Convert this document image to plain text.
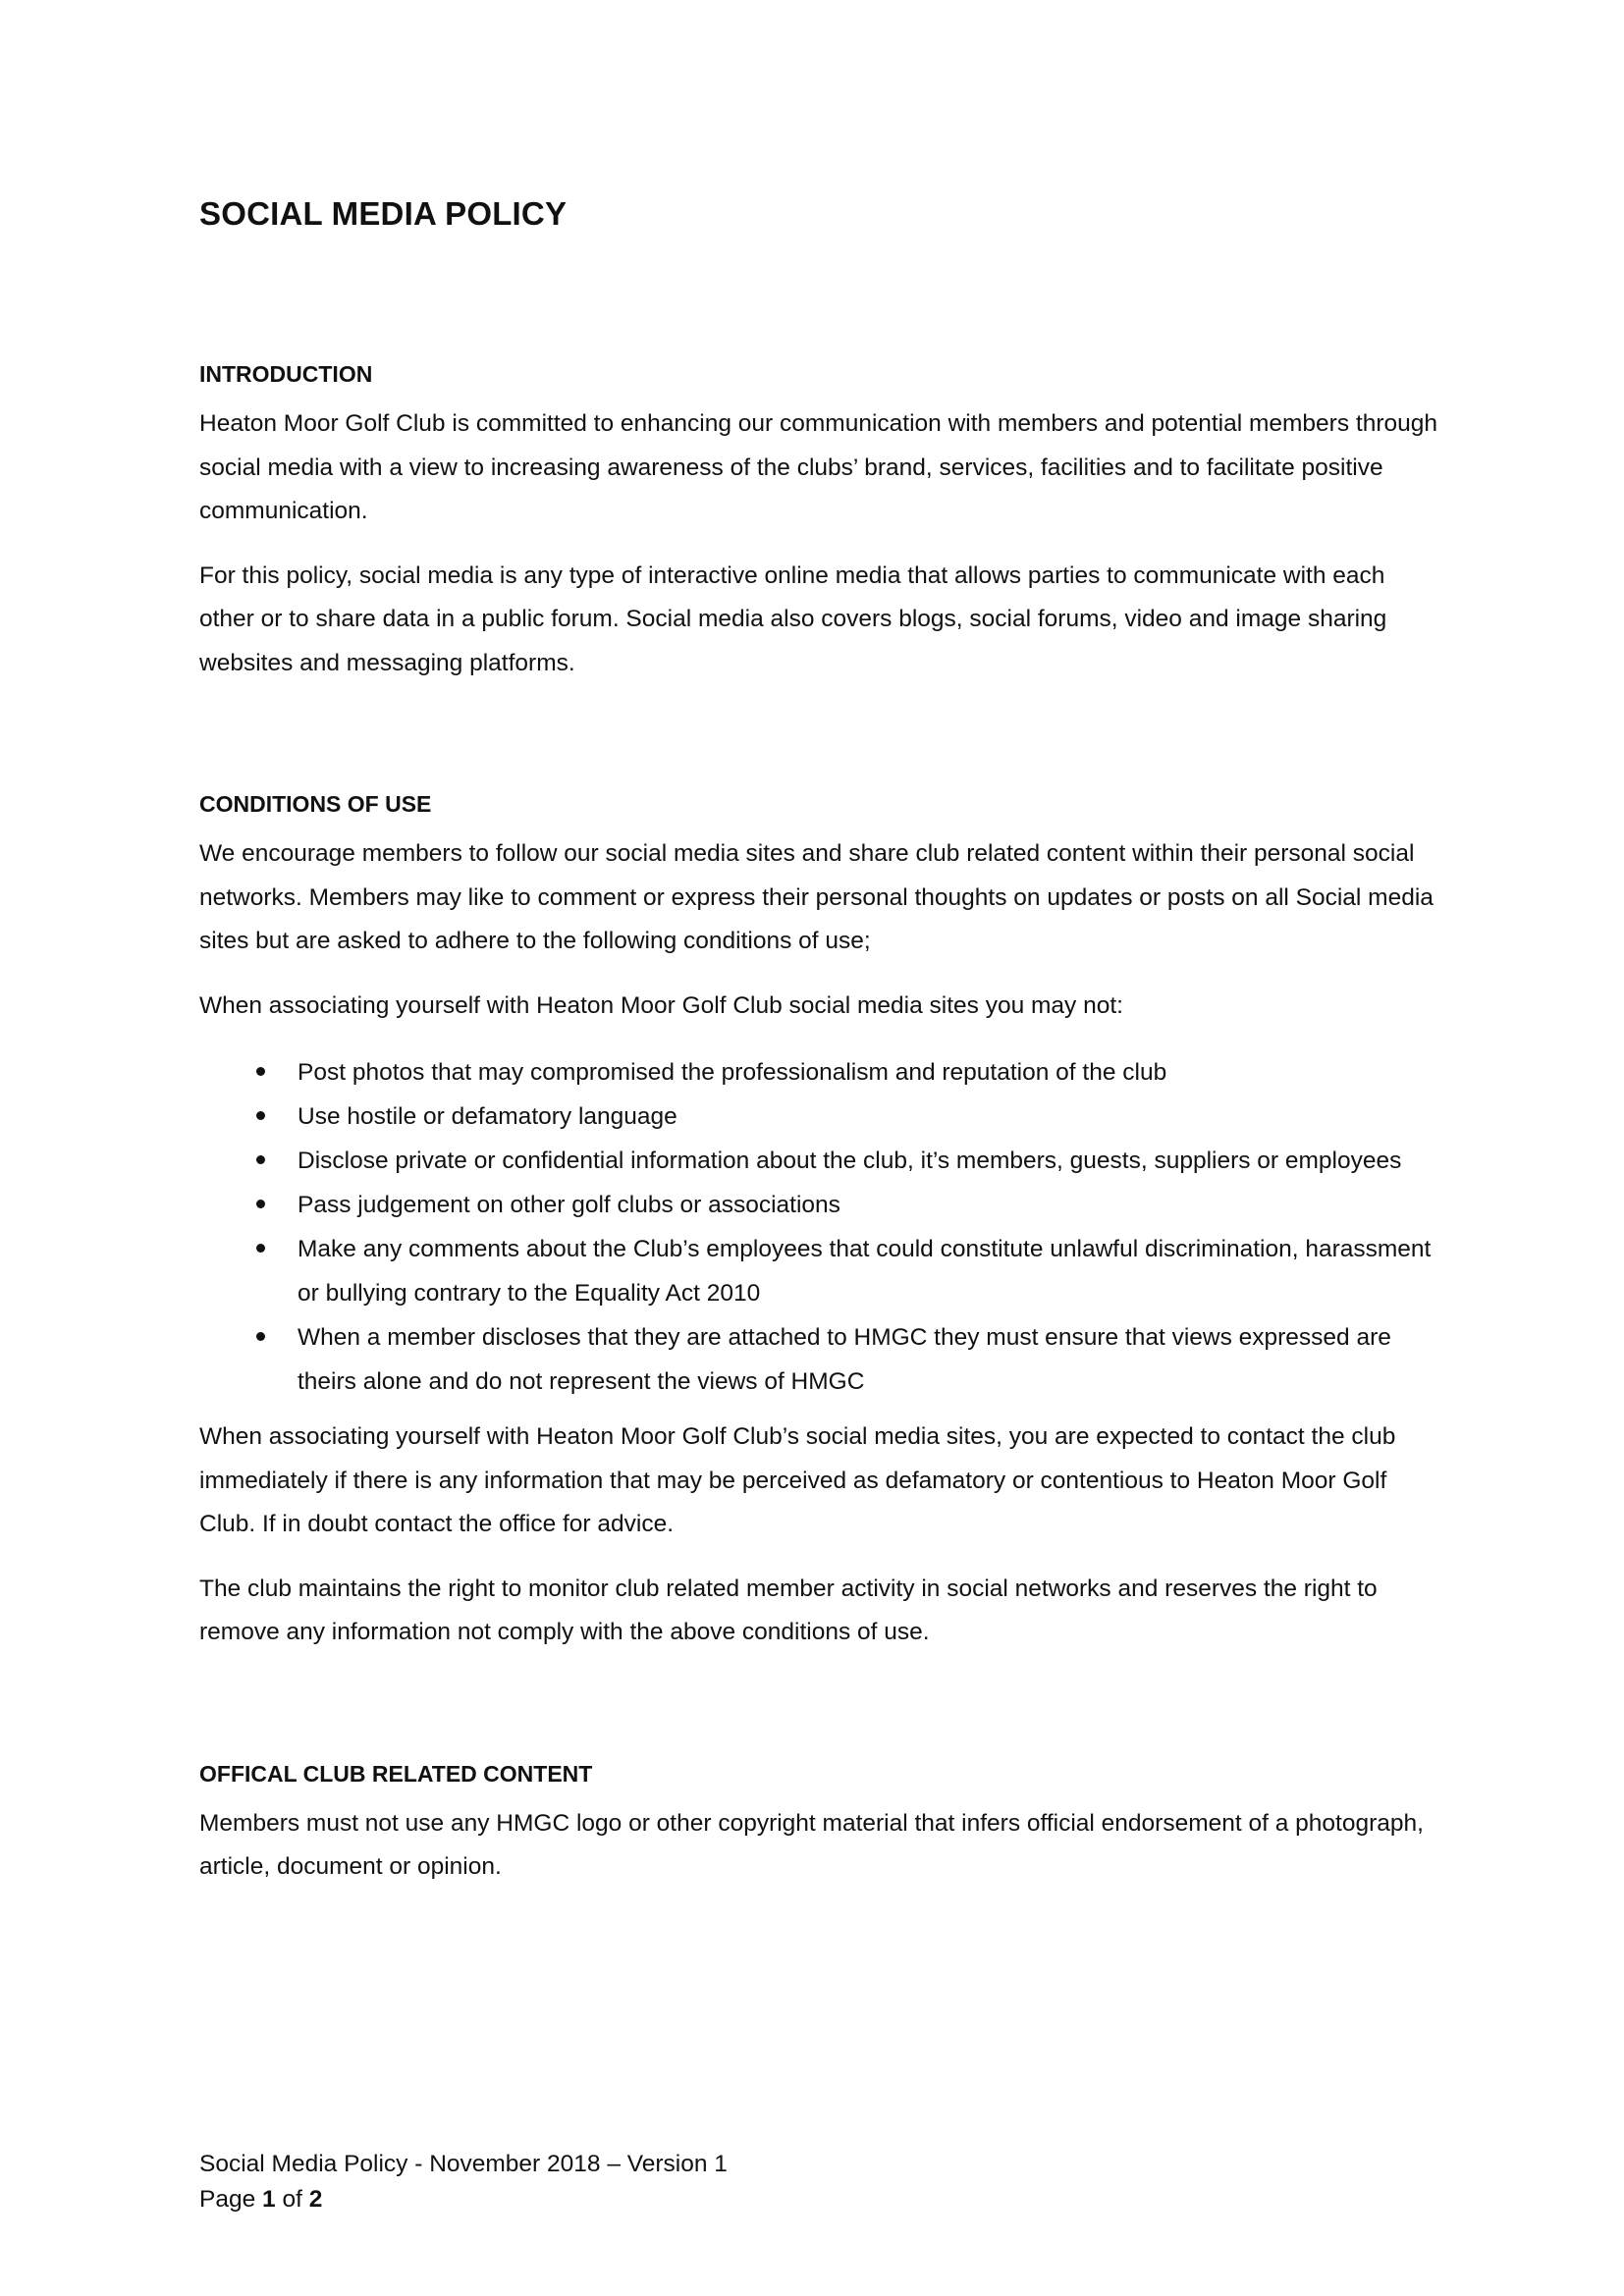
SOCIAL MEDIA POLICY
INTRODUCTION

Heaton Moor Golf Club is committed to enhancing our communication with members and potential members through social media with a view to increasing awareness of the clubs’ brand, services, facilities and to facilitate positive communication.

For this policy, social media is any type of interactive online media that allows parties to communicate with each other or to share data in a public forum. Social media also covers blogs, social forums, video and image sharing websites and messaging platforms.

CONDITIONS OF USE

We encourage members to follow our social media sites and share club related content within their personal social networks. Members may like to comment or express their personal thoughts on updates or posts on all Social media sites but are asked to adhere to the following conditions of use;

When associating yourself with Heaton Moor Golf Club social media sites you may not:

Post photos that may compromised the professionalism and reputation of the club
Use hostile or defamatory language
Disclose private or confidential information about the club, it’s members, guests, suppliers or employees
Pass judgement on other golf clubs or associations
Make any comments about the Club’s employees that could constitute unlawful discrimination, harassment or bullying contrary to the Equality Act 2010
When a member discloses that they are attached to HMGC they must ensure that views expressed are theirs alone and do not represent the views of HMGC

When associating yourself with Heaton Moor Golf Club’s social media sites, you are expected to contact the club immediately if there is any information that may be perceived as defamatory or contentious to Heaton Moor Golf Club. If in doubt contact the office for advice.

The club maintains the right to monitor club related member activity in social networks and reserves the right to remove any information not comply with the above conditions of use.

OFFICAL CLUB RELATED CONTENT

Members must not use any HMGC logo or other copyright material that infers official endorsement of a photograph, article, document or opinion.

Social Media Policy - November 2018 – Version 1
Page 1 of 2
